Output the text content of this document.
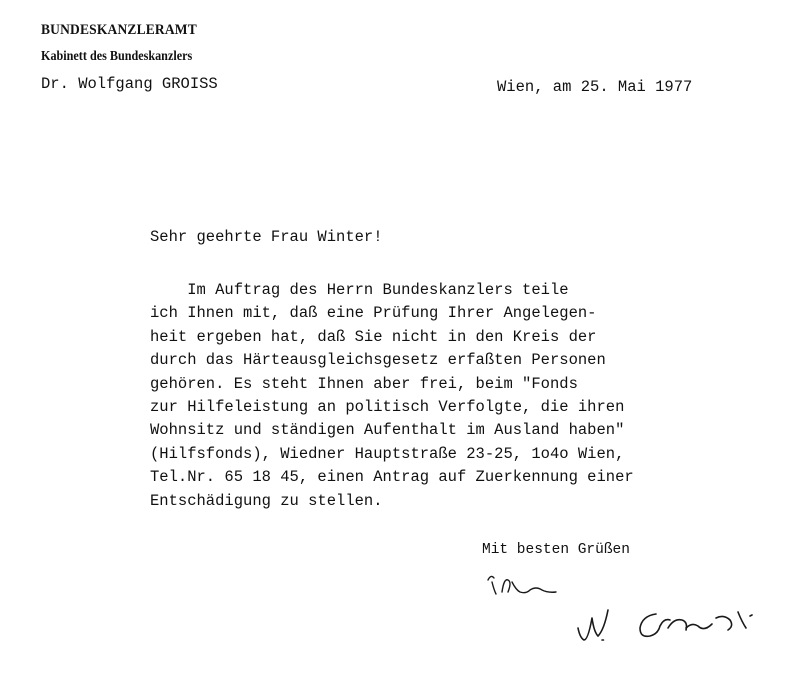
BUNDESKANZLERAMT
Kabinett des Bundeskanzlers
Dr. Wolfgang GROISS	Wien, am 25. Mai 1977
Sehr geehrte Frau Winter!
Im Auftrag des Herrn Bundeskanzlers teile
ich Ihnen mit, daß eine Prüfung Ihrer Angelegen-
heit ergeben hat, daß Sie nicht in den Kreis der
durch das Härteausgleichsgesetz erfaßten Personen
gehören. Es steht Ihnen aber frei, beim "Fonds
zur Hilfeleistung an politisch Verfolgte, die ihren
Wohnsitz und ständigen Aufenthalt im Ausland haben"
(Hilfsfonds), Wiedner Hauptstraße 23-25, 1o4o Wien,
Tel.Nr. 65 18 45, einen Antrag auf Zuerkennung einer
Entschädigung zu stellen.
Mit besten Grüßen
